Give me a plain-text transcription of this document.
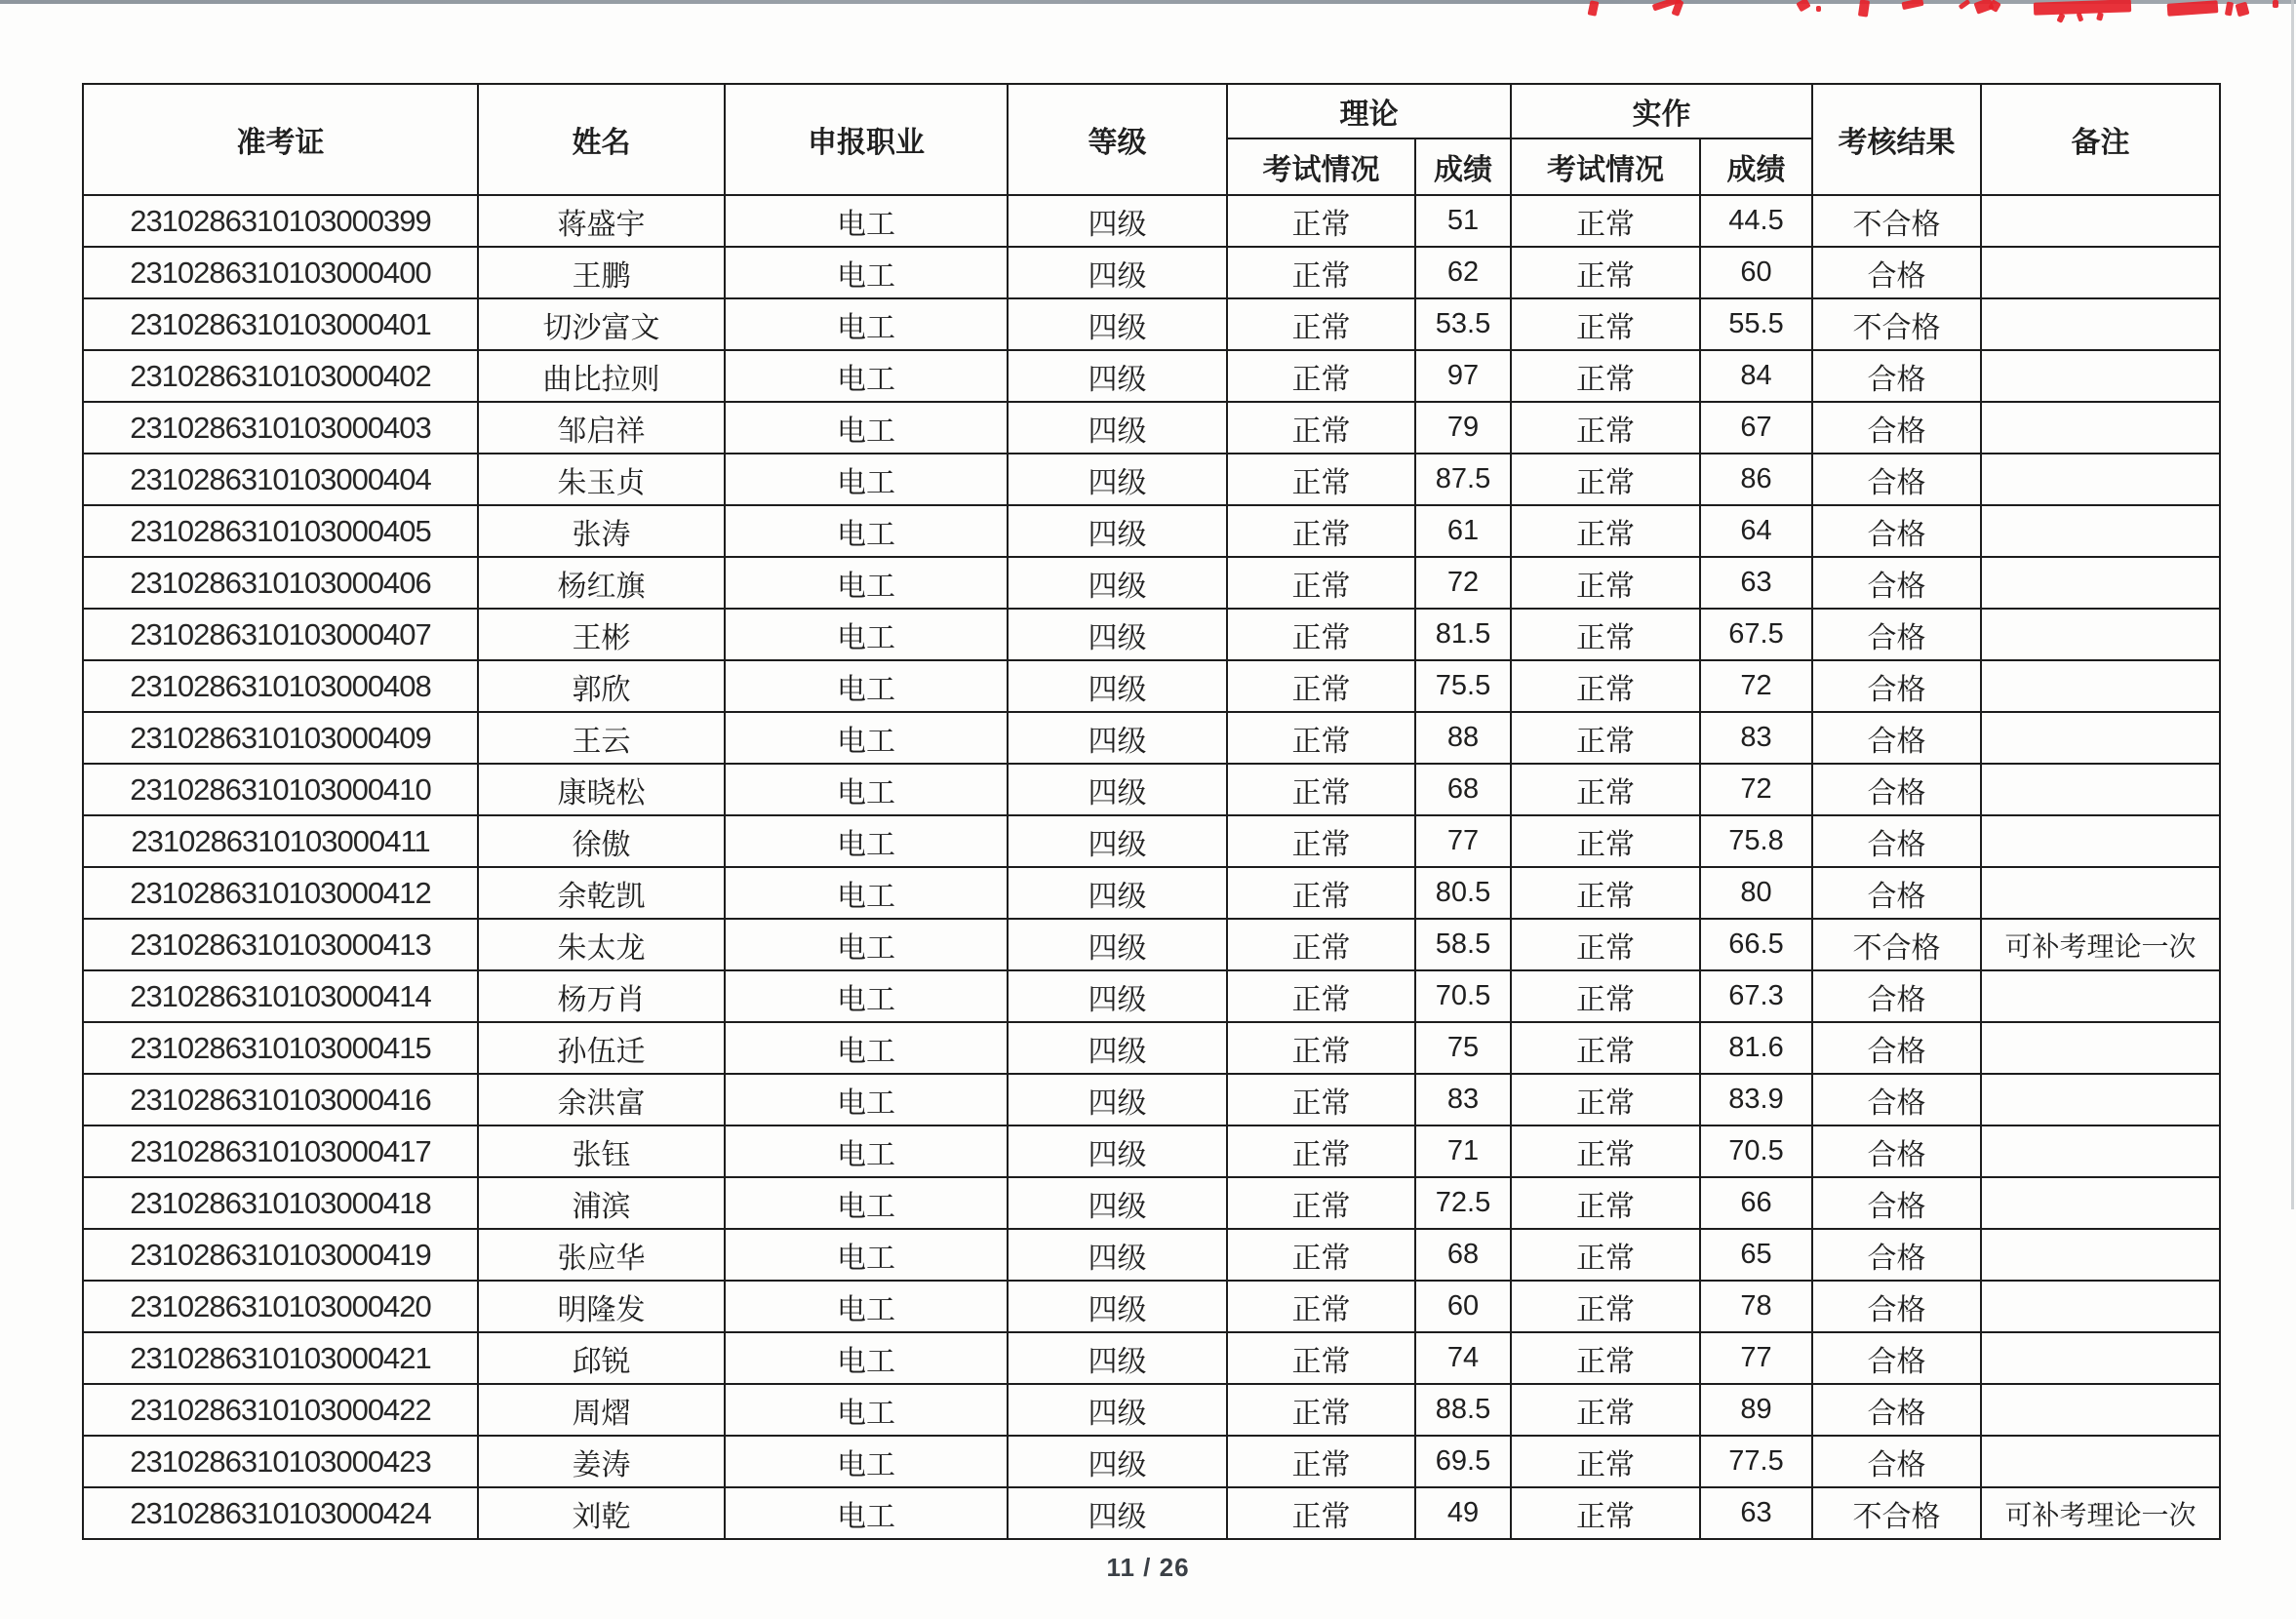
准考证	姓名	申报职业	等级	理论		实作		考核结果	备注
				考试情况	成绩	考试情况	成绩		
2310286310103000399	蒋盛宇	电工	四级	正常	51	正常	44.5	不合格	
2310286310103000400	王鹏	电工	四级	正常	62	正常	60	合格	
2310286310103000401	切沙富文	电工	四级	正常	53.5	正常	55.5	不合格	
2310286310103000402	曲比拉则	电工	四级	正常	97	正常	84	合格	
2310286310103000403	邹启祥	电工	四级	正常	79	正常	67	合格	
2310286310103000404	朱玉贞	电工	四级	正常	87.5	正常	86	合格	
2310286310103000405	张涛	电工	四级	正常	61	正常	64	合格	
2310286310103000406	杨红旗	电工	四级	正常	72	正常	63	合格	
2310286310103000407	王彬	电工	四级	正常	81.5	正常	67.5	合格	
2310286310103000408	郭欣	电工	四级	正常	75.5	正常	72	合格	
2310286310103000409	王云	电工	四级	正常	88	正常	83	合格	
2310286310103000410	康晓松	电工	四级	正常	68	正常	72	合格	
2310286310103000411	徐傲	电工	四级	正常	77	正常	75.8	合格	
2310286310103000412	余乾凯	电工	四级	正常	80.5	正常	80	合格	
2310286310103000413	朱太龙	电工	四级	正常	58.5	正常	66.5	不合格	可补考理论一次
2310286310103000414	杨万肖	电工	四级	正常	70.5	正常	67.3	合格	
2310286310103000415	孙伍迁	电工	四级	正常	75	正常	81.6	合格	
2310286310103000416	余洪富	电工	四级	正常	83	正常	83.9	合格	
2310286310103000417	张钰	电工	四级	正常	71	正常	70.5	合格	
2310286310103000418	浦滨	电工	四级	正常	72.5	正常	66	合格	
2310286310103000419	张应华	电工	四级	正常	68	正常	65	合格	
2310286310103000420	明隆发	电工	四级	正常	60	正常	78	合格	
2310286310103000421	邱锐	电工	四级	正常	74	正常	77	合格	
2310286310103000422	周熠	电工	四级	正常	88.5	正常	89	合格	
2310286310103000423	姜涛	电工	四级	正常	69.5	正常	77.5	合格	
2310286310103000424	刘乾	电工	四级	正常	49	正常	63	不合格	可补考理论一次
11 / 26
